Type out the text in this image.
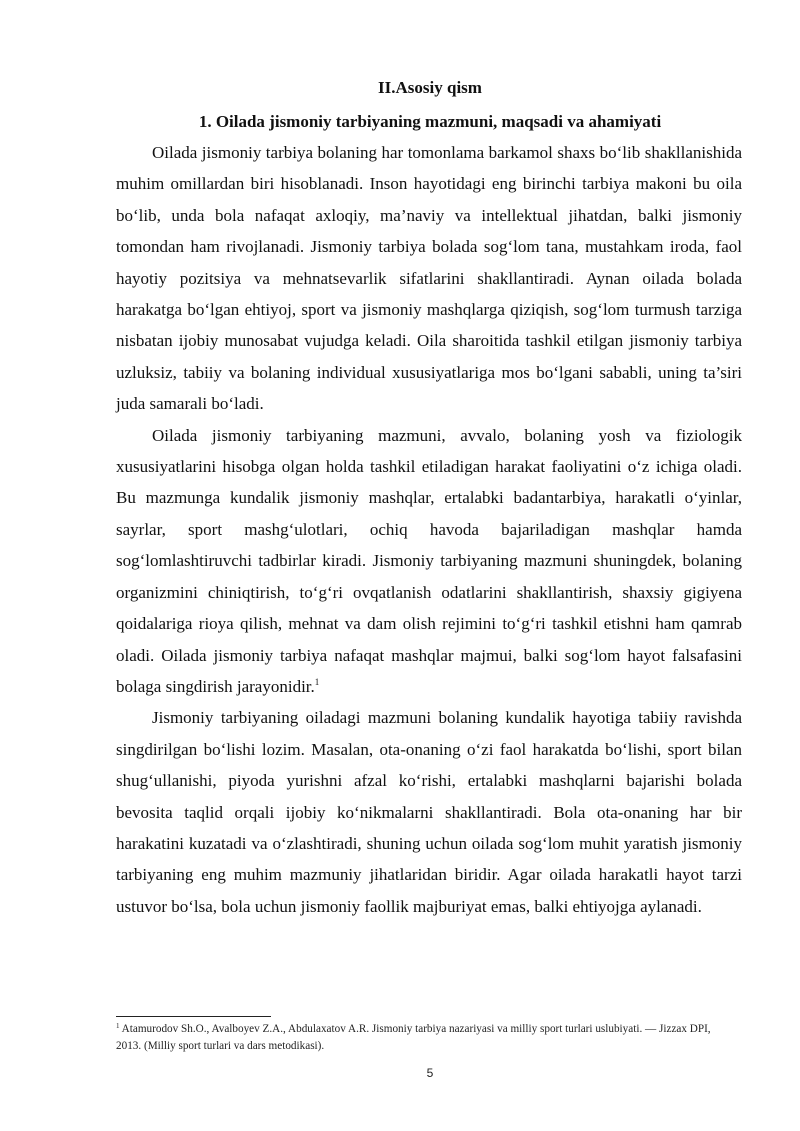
II.Asosiy qism
1. Oilada jismoniy tarbiyaning mazmuni, maqsadi va ahamiyati

Oilada jismoniy tarbiya bolaning har tomonlama barkamol shaxs bo‘lib shakllanishida muhim omillardan biri hisoblanadi. Inson hayotidagi eng birinchi tarbiya makoni bu oila bo‘lib, unda bola nafaqat axloqiy, ma’naviy va intellektual jihatdan, balki jismoniy tomondan ham rivojlanadi. Jismoniy tarbiya bolada sog‘lom tana, mustahkam iroda, faol hayotiy pozitsiya va mehnatsevarlik sifatlarini shakllantiradi. Aynan oilada bolada harakatga bo‘lgan ehtiyoj, sport va jismoniy mashqlarga qiziqish, sog‘lom turmush tarziga nisbatan ijobiy munosabat vujudga keladi. Oila sharoitida tashkil etilgan jismoniy tarbiya uzluksiz, tabiiy va bolaning individual xususiyatlariga mos bo‘lgani sababli, uning ta’siri juda samarali bo‘ladi.

Oilada jismoniy tarbiyaning mazmuni, avvalo, bolaning yosh va fiziologik xususiyatlarini hisobga olgan holda tashkil etiladigan harakat faoliyatini o‘z ichiga oladi. Bu mazmunga kundalik jismoniy mashqlar, ertalabki badantarbiya, harakatli o‘yinlar, sayrlar, sport mashg‘ulotlari, ochiq havoda bajariladigan mashqlar hamda sog‘lomlashtiruvchi tadbirlar kiradi. Jismoniy tarbiyaning mazmuni shuningdek, bolaning organizmini chiniqtirish, to‘g‘ri ovqatlanish odatlarini shakllantirish, shaxsiy gigiyena qoidalariga rioya qilish, mehnat va dam olish rejimini to‘g‘ri tashkil etishni ham qamrab oladi. Oilada jismoniy tarbiya nafaqat mashqlar majmui, balki sog‘lom hayot falsafasini bolaga singdirish jarayonidir.$^1$

Jismoniy tarbiyaning oiladagi mazmuni bolaning kundalik hayotiga tabiiy ravishda singdirilgan bo‘lishi lozim. Masalan, ota-onaning o‘zi faol harakatda bo‘lishi, sport bilan shug‘ullanishi, piyoda yurishni afzal ko‘rishi, ertalabki mashqlarni bajarishi bolada bevosita taqlid orqali ijobiy ko‘nikmalarni shakllantiradi. Bola ota-onaning har bir harakatini kuzatadi va o‘zlashtiradi, shuning uchun oilada sog‘lom muhit yaratish jismoniy tarbiyaning eng muhim mazmuniy jihatlaridan biridir. Agar oilada harakatli hayot tarzi ustuvor bo‘lsa, bola uchun jismoniy faollik majburiyat emas, balki ehtiyojga aylanadi.

$^1$ Atamurodov Sh.O., Avalboyev Z.A., Abdulaxatov A.R. Jismoniy tarbiya nazariyasi va milliy sport turlari uslubiyati. — Jizzax DPI, 2013. (Milliy sport turlari va dars metodikasi).
5
